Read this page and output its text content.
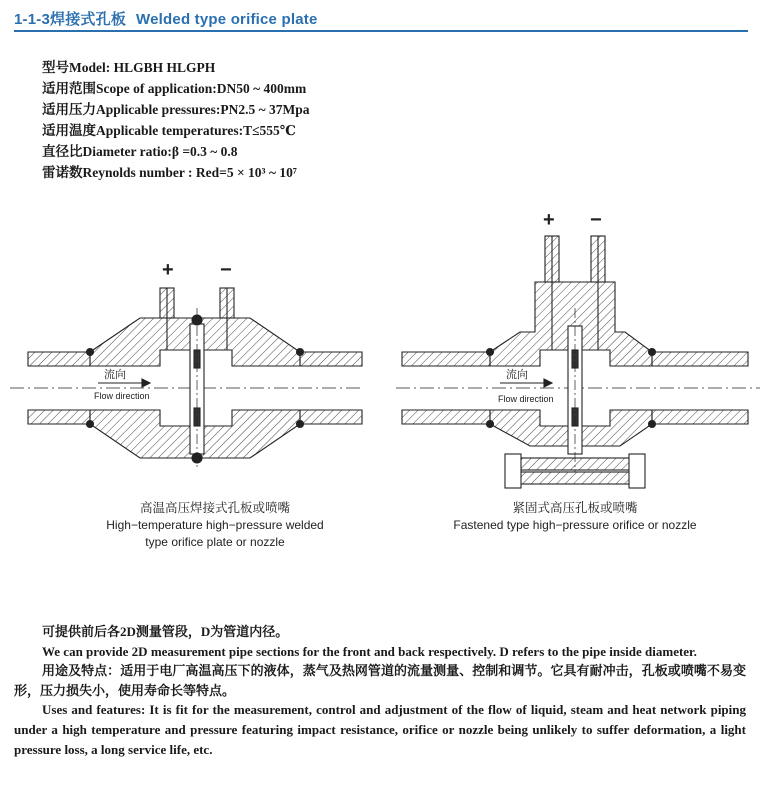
1-1-3焊接式孔板 Welded type orifice plate
型号Model: HLGBH HLGPH
适用范围Scope of application:DN50 ~ 400mm
适用压力Applicable pressures:PN2.5 ~ 37Mpa
适用温度Applicable temperatures:T≤555℃
直径比Diameter ratio:β =0.3 ~ 0.8
雷诺数Reynolds number : Red=5 × 10³ ~ 10⁷
+ −
流向
Flow direction
+ −
流向
Flow direction
高温高压焊接式孔板或喷嘴
High−temperature high−pressure welded
type orifice plate or nozzle
紧固式高压孔板或喷嘴
Fastened type high−pressure orifice or nozzle

可提供前后各2D测量管段，D为管道内径。

We can provide 2D measurement pipe sections for the front and back respectively. D refers to the pipe inside diameter.

用途及特点：适用于电厂高温高压下的液体，蒸气及热网管道的流量测量、控制和调节。它具有耐冲击，孔板或喷嘴不易变形，压力损失小，使用寿命长等特点。

Uses and features: It is fit for the measurement, control and adjustment of the flow of liquid, steam and heat network piping under a high temperature and pressure featuring impact resistance, orifice or nozzle being unlikely to suffer deformation, a light pressure loss, a long service life, etc.
